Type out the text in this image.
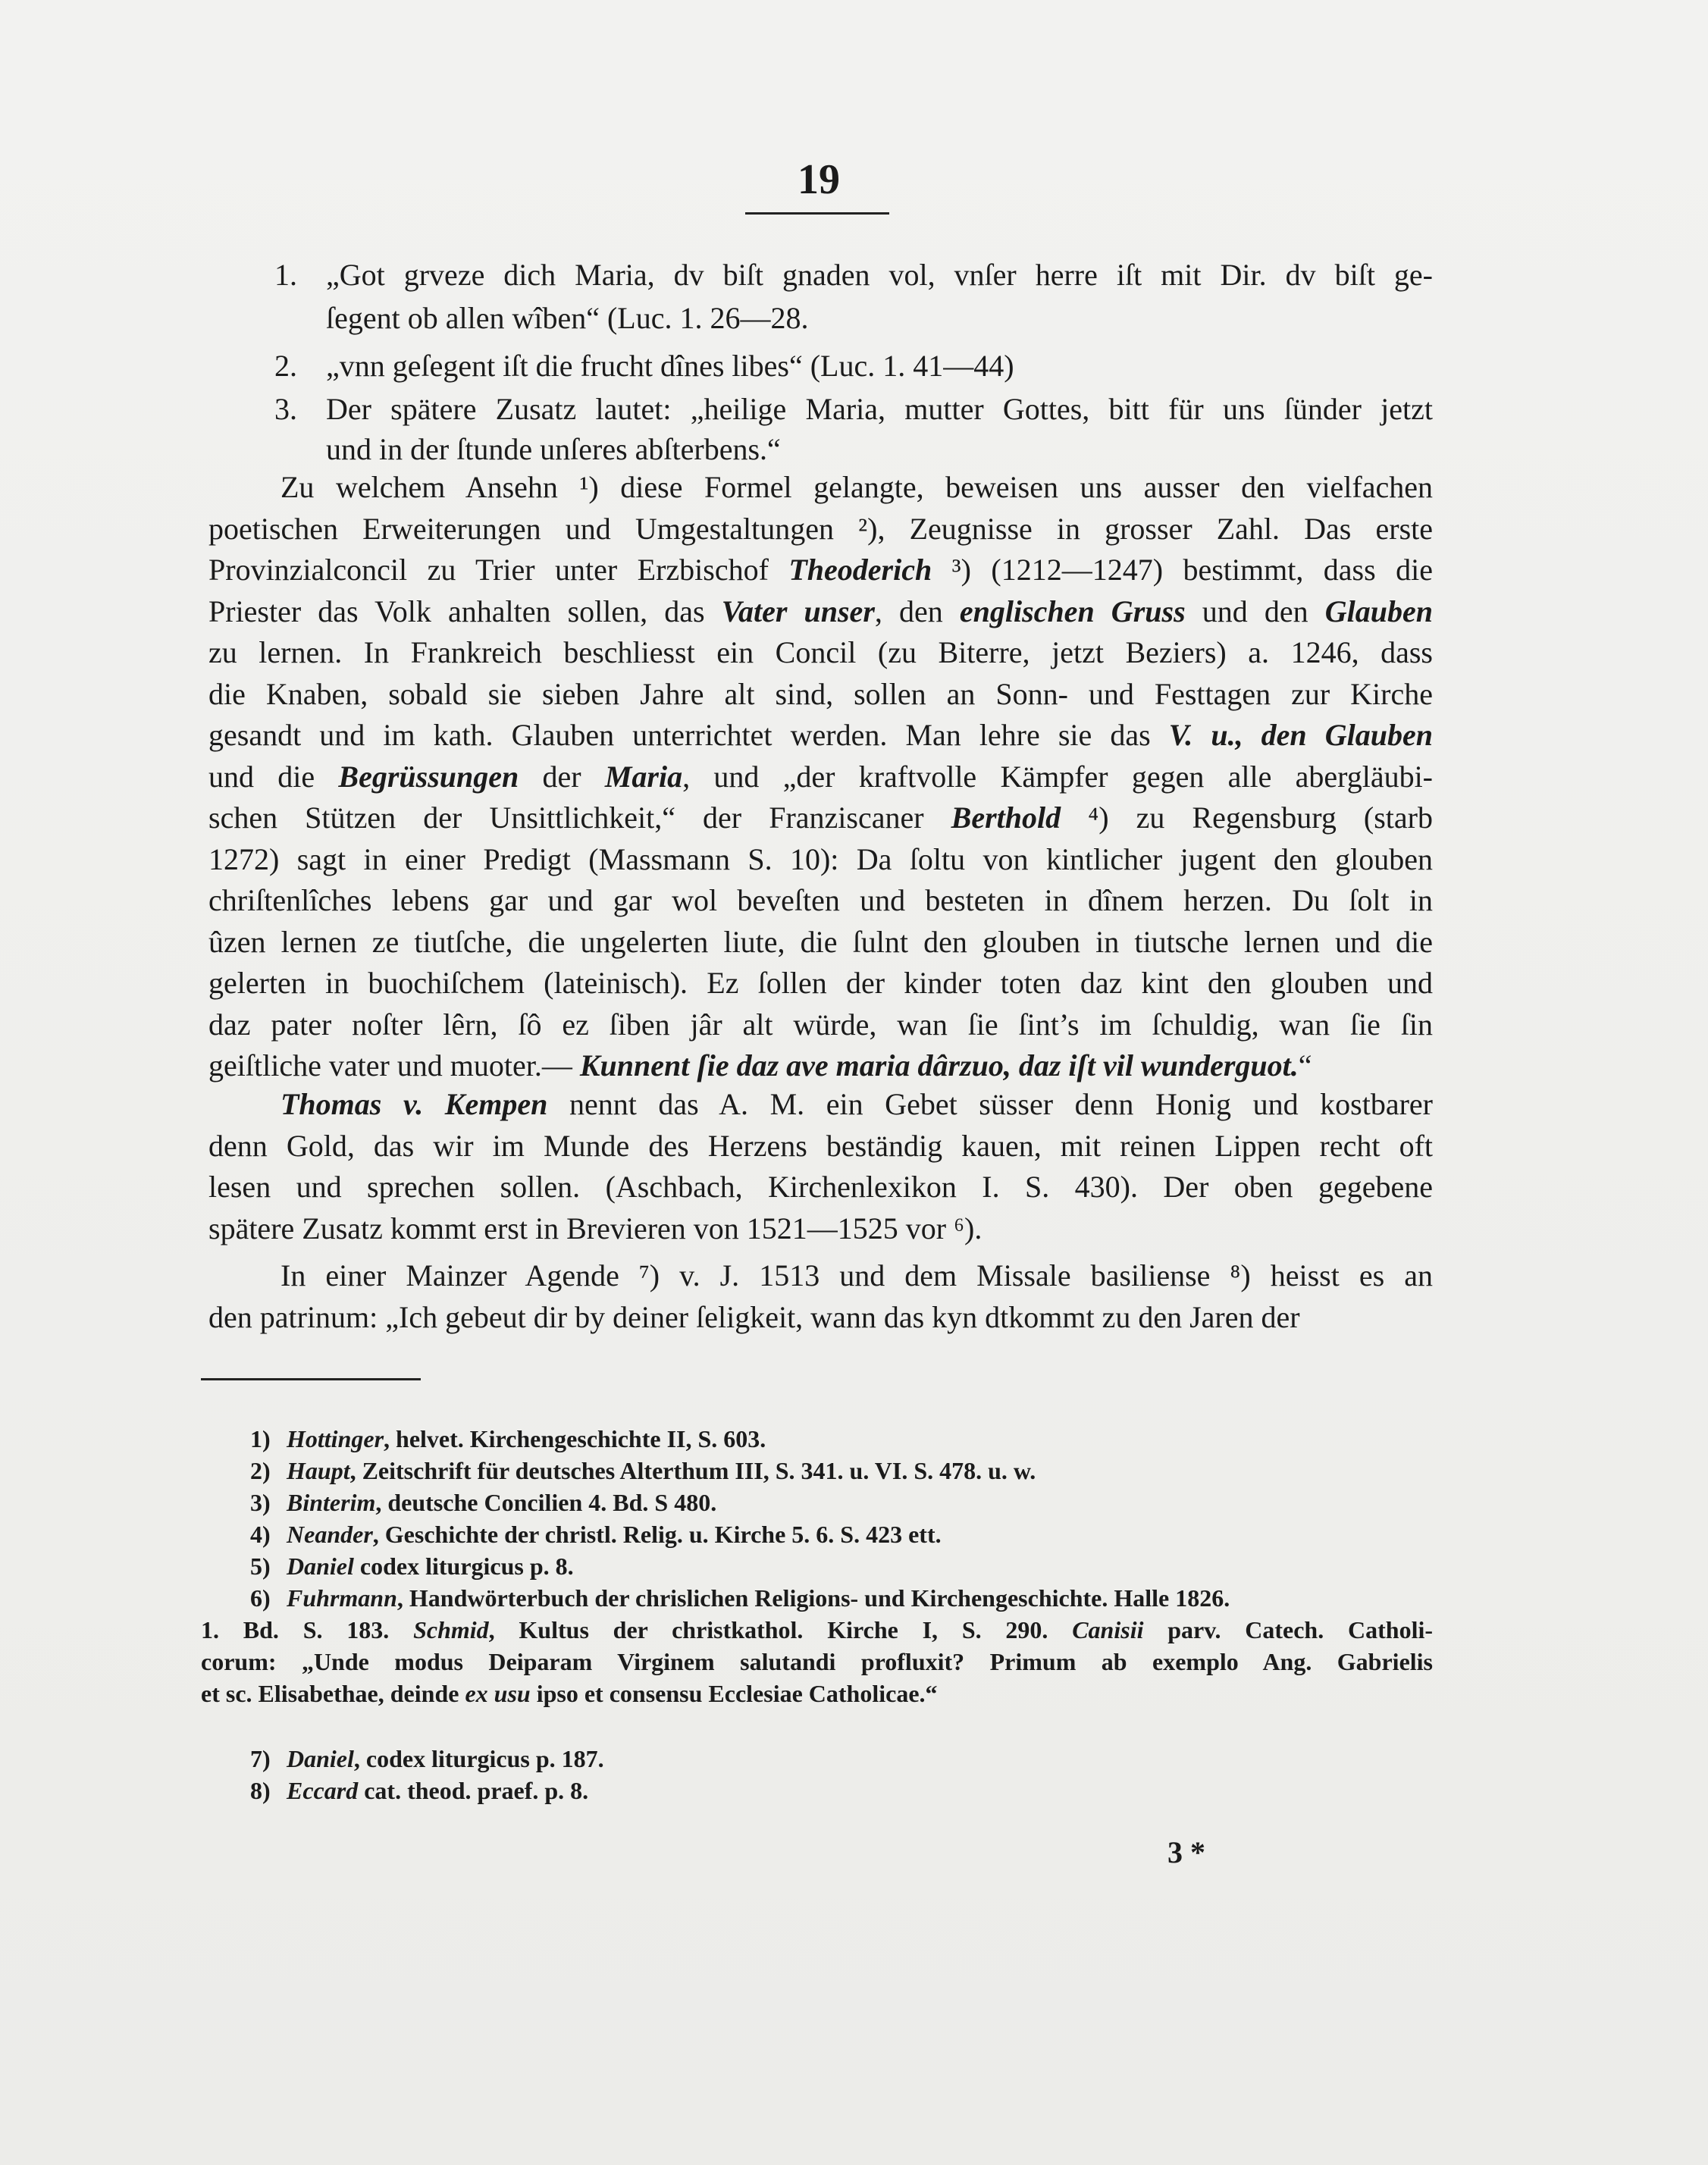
19
1. „Got grveze dich Maria, dv biſt gnaden vol, vnſer herre iſt mit Dir. dv biſt ge-
ſegent ob allen wîben“ (Luc. 1. 26—28.
2. „vnn geſegent iſt die frucht dînes libes“ (Luc. 1. 41—44)
3. Der spätere Zusatz lautet: „heilige Maria, mutter Gottes, bitt für uns ſünder jetzt
und in der ſtunde unſeres abſterbens.“
Zu welchem Ansehn ¹) diese Formel gelangte, beweisen uns ausser den vielfachen
poetischen Erweiterungen und Umgestaltungen ²), Zeugnisse in grosser Zahl. Das erste
Provinzialconcil zu Trier unter Erzbischof Theoderich ³) (1212—1247) bestimmt, dass die
Priester das Volk anhalten sollen, das Vater unser, den englischen Gruss und den Glauben
zu lernen. In Frankreich beschliesst ein Concil (zu Biterre, jetzt Beziers) a. 1246, dass
die Knaben, sobald sie sieben Jahre alt sind, sollen an Sonn- und Festtagen zur Kirche
gesandt und im kath. Glauben unterrichtet werden. Man lehre sie das V. u., den Glauben
und die Begrüssungen der Maria, und „der kraftvolle Kämpfer gegen alle abergläubi-
schen Stützen der Unsittlichkeit,“ der Franziscaner Berthold ⁴) zu Regensburg (starb
1272) sagt in einer Predigt (Massmann S. 10): Da ſoltu von kintlicher jugent den glouben
chriſtenlîches lebens gar und gar wol beveſten und besteten in dînem herzen. Du ſolt in
ûzen lernen ze tiutſche, die ungelerten liute, die ſulnt den glouben in tiutsche lernen und die
gelerten in buochiſchem (lateinisch). Ez ſollen der kinder toten daz kint den glouben und
daz pater noſter lêrn, ſô ez ſiben jâr alt würde, wan ſie ſint’s im ſchuldig, wan ſie ſin
geiſtliche vater und muoter.— Kunnent ſie daz ave maria dârzuo, daz iſt vil wunderguot.“
Thomas v. Kempen nennt das A. M. ein Gebet süsser denn Honig und kostbarer
denn Gold, das wir im Munde des Herzens beständig kauen, mit reinen Lippen recht oft
lesen und sprechen sollen. (Aschbach, Kirchenlexikon I. S. 430). Der oben gegebene
spätere Zusatz kommt erst in Brevieren von 1521—1525 vor ⁶).
In einer Mainzer Agende ⁷) v. J. 1513 und dem Missale basiliense ⁸) heisst es an
den patrinum: „Ich gebeut dir by deiner ſeligkeit, wann das kyn dtkommt zu den Jaren der
1) Hottinger, helvet. Kirchengeschichte II, S. 603.
2) Haupt, Zeitschrift für deutsches Alterthum III, S. 341. u. VI. S. 478. u. w.
3) Binterim, deutsche Concilien 4. Bd. S 480.
4) Neander, Geschichte der christl. Relig. u. Kirche 5. 6. S. 423 ett.
5) Daniel codex liturgicus p. 8.
6) Fuhrmann, Handwörterbuch der chrislichen Religions- und Kirchengeschichte. Halle 1826.
1. Bd. S. 183. Schmid, Kultus der christkathol. Kirche I, S. 290. Canisii parv. Catech. Catholi-
corum: „Unde modus Deiparam Virginem salutandi profluxit? Primum ab exemplo Ang. Gabrielis
et sc. Elisabethae, deinde ex usu ipso et consensu Ecclesiae Catholicae.“
7) Daniel, codex liturgicus p. 187.
8) Eccard cat. theod. praef. p. 8.
3 *
